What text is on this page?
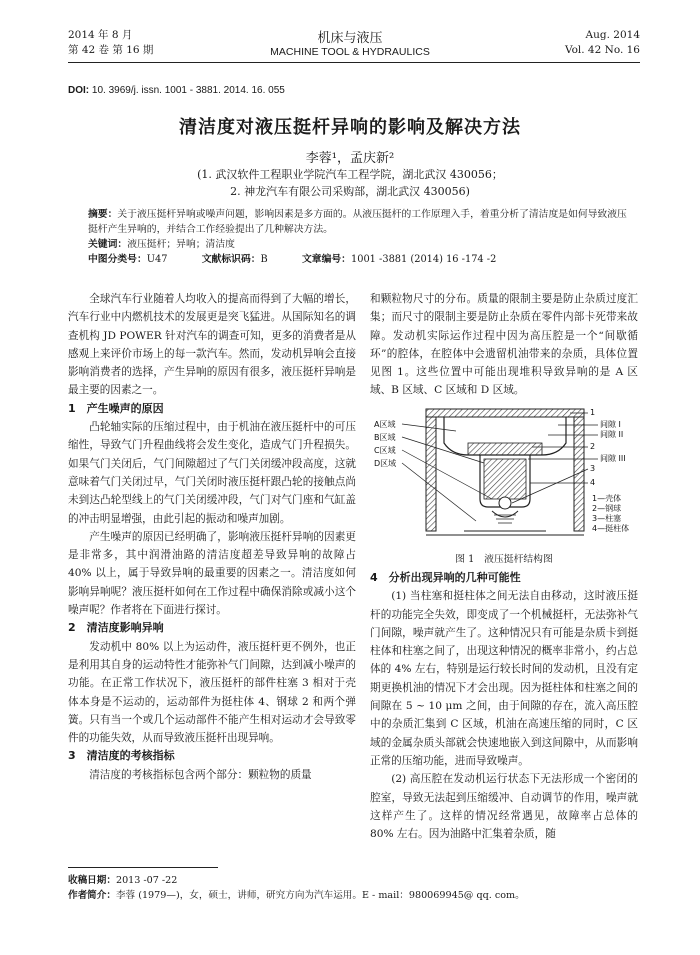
2014 年 8 月
第 42 卷 第 16 期
机床与液压
MACHINE TOOL & HYDRAULICS
Aug. 2014
Vol. 42 No. 16
DOI: 10. 3969/j. issn. 1001 - 3881. 2014. 16. 055
清洁度对液压挺杆异响的影响及解决方法
李蓉¹，孟庆新²
(1. 武汉软件工程职业学院汽车工程学院，湖北武汉 430056；
2. 神龙汽车有限公司采购部，湖北武汉 430056)
摘要：关于液压挺杆异响或噪声问题，影响因素是多方面的。从液压挺杆的工作原理入手，着重分析了清洁度是如何导致液压挺杆产生异响的，并结合工作经验提出了几种解决方法。
关键词：液压挺杆；异响；清洁度
中图分类号：U47	文献标识码：B	文章编号：1001 -3881 (2014) 16 -174 -2

全球汽车行业随着人均收入的提高而得到了大幅的增长，汽车行业中内燃机技术的发展更是突飞猛进。从国际知名的调查机构 JD POWER 针对汽车的调查可知，更多的消费者是从感观上来评价市场上的每一款汽车。然而，发动机异响会直接影响消费者的选择，产生异响的原因有很多，液压挺杆异响是最主要的因素之一。

1　产生噪声的原因

凸轮轴实际的压缩过程中，由于机油在液压挺杆中的可压缩性，导致气门升程曲线将会发生变化，造成气门升程损失。如果气门关闭后，气门间隙超过了气门关闭缓冲段高度，这就意味着气门关闭过早，气门关闭时液压挺杆跟凸轮的接触点尚未到达凸轮型线上的气门关闭缓冲段，气门对气门座和气缸盖的冲击明显增强，由此引起的振动和噪声加剧。

产生噪声的原因已经明确了，影响液压挺杆异响的因素更是非常多，其中润滑油路的清洁度超差导致异响的故障占 40% 以上，属于导致异响的最重要的因素之一。清洁度如何影响异响呢？液压挺杆如何在工作过程中确保消除或减小这个噪声呢？作者将在下面进行探讨。

2　清洁度影响异响

发动机中 80% 以上为运动件，液压挺杆更不例外，也正是利用其自身的运动特性才能弥补气门间隙，达到减小噪声的功能。在正常工作状况下，液压挺杆的部件柱塞 3 相对于壳体本身是不运动的，运动部件为挺柱体 4、钢球 2 和两个弹簧。只有当一个或几个运动部件不能产生相对运动才会导致零件的功能失效，从而导致液压挺杆出现异响。

3　清洁度的考核指标

清洁度的考核指标包含两个部分：颗粒物的质量

和颗粒物尺寸的分布。质量的限制主要是防止杂质过度汇集；而尺寸的限制主要是防止杂质在零件内部卡死带来故障。发动机实际运作过程中因为高压腔是一个“间歇循环”的腔体，在腔体中会遗留机油带来的杂质，具体位置见图 1。这些位置中可能出现堆积导致异响的是 A 区域、B 区域、C 区域和 D 区域。

A区域
B区域
C区域
D区域
1
2
3
4
间隙 I
间隙 II
间隙 III
1—壳体
2—钢球
3—柱塞
4—挺柱体
图 1　液压挺杆结构图
4　分析出现异响的几种可能性

(1) 当柱塞和挺柱体之间无法自由移动，这时液压挺杆的功能完全失效，即变成了一个机械挺杆，无法弥补气门间隙，噪声就产生了。这种情况只有可能是杂质卡到挺柱体和柱塞之间了，出现这种情况的概率非常小，约占总体的 4% 左右，特别是运行较长时间的发动机，且没有定期更换机油的情况下才会出现。因为挺柱体和柱塞之间的间隙在 5 ~ 10 μm 之间，由于间隙的存在，流入高压腔中的杂质汇集到 C 区域，机油在高速压缩的同时，C 区域的金属杂质头部就会快速地嵌入到这间隙中，从而影响正常的压缩功能，进而导致噪声。

(2) 高压腔在发动机运行状态下无法形成一个密闭的腔室，导致无法起到压缩缓冲、自动调节的作用，噪声就这样产生了。这样的情况经常遇见，故障率占总体的 80% 左右。因为油路中汇集着杂质，随

收稿日期：2013 -07 -22
作者简介：李蓉 (1979—)，女，硕士，讲师，研究方向为汽车运用。E - mail：980069945@ qq. com。
